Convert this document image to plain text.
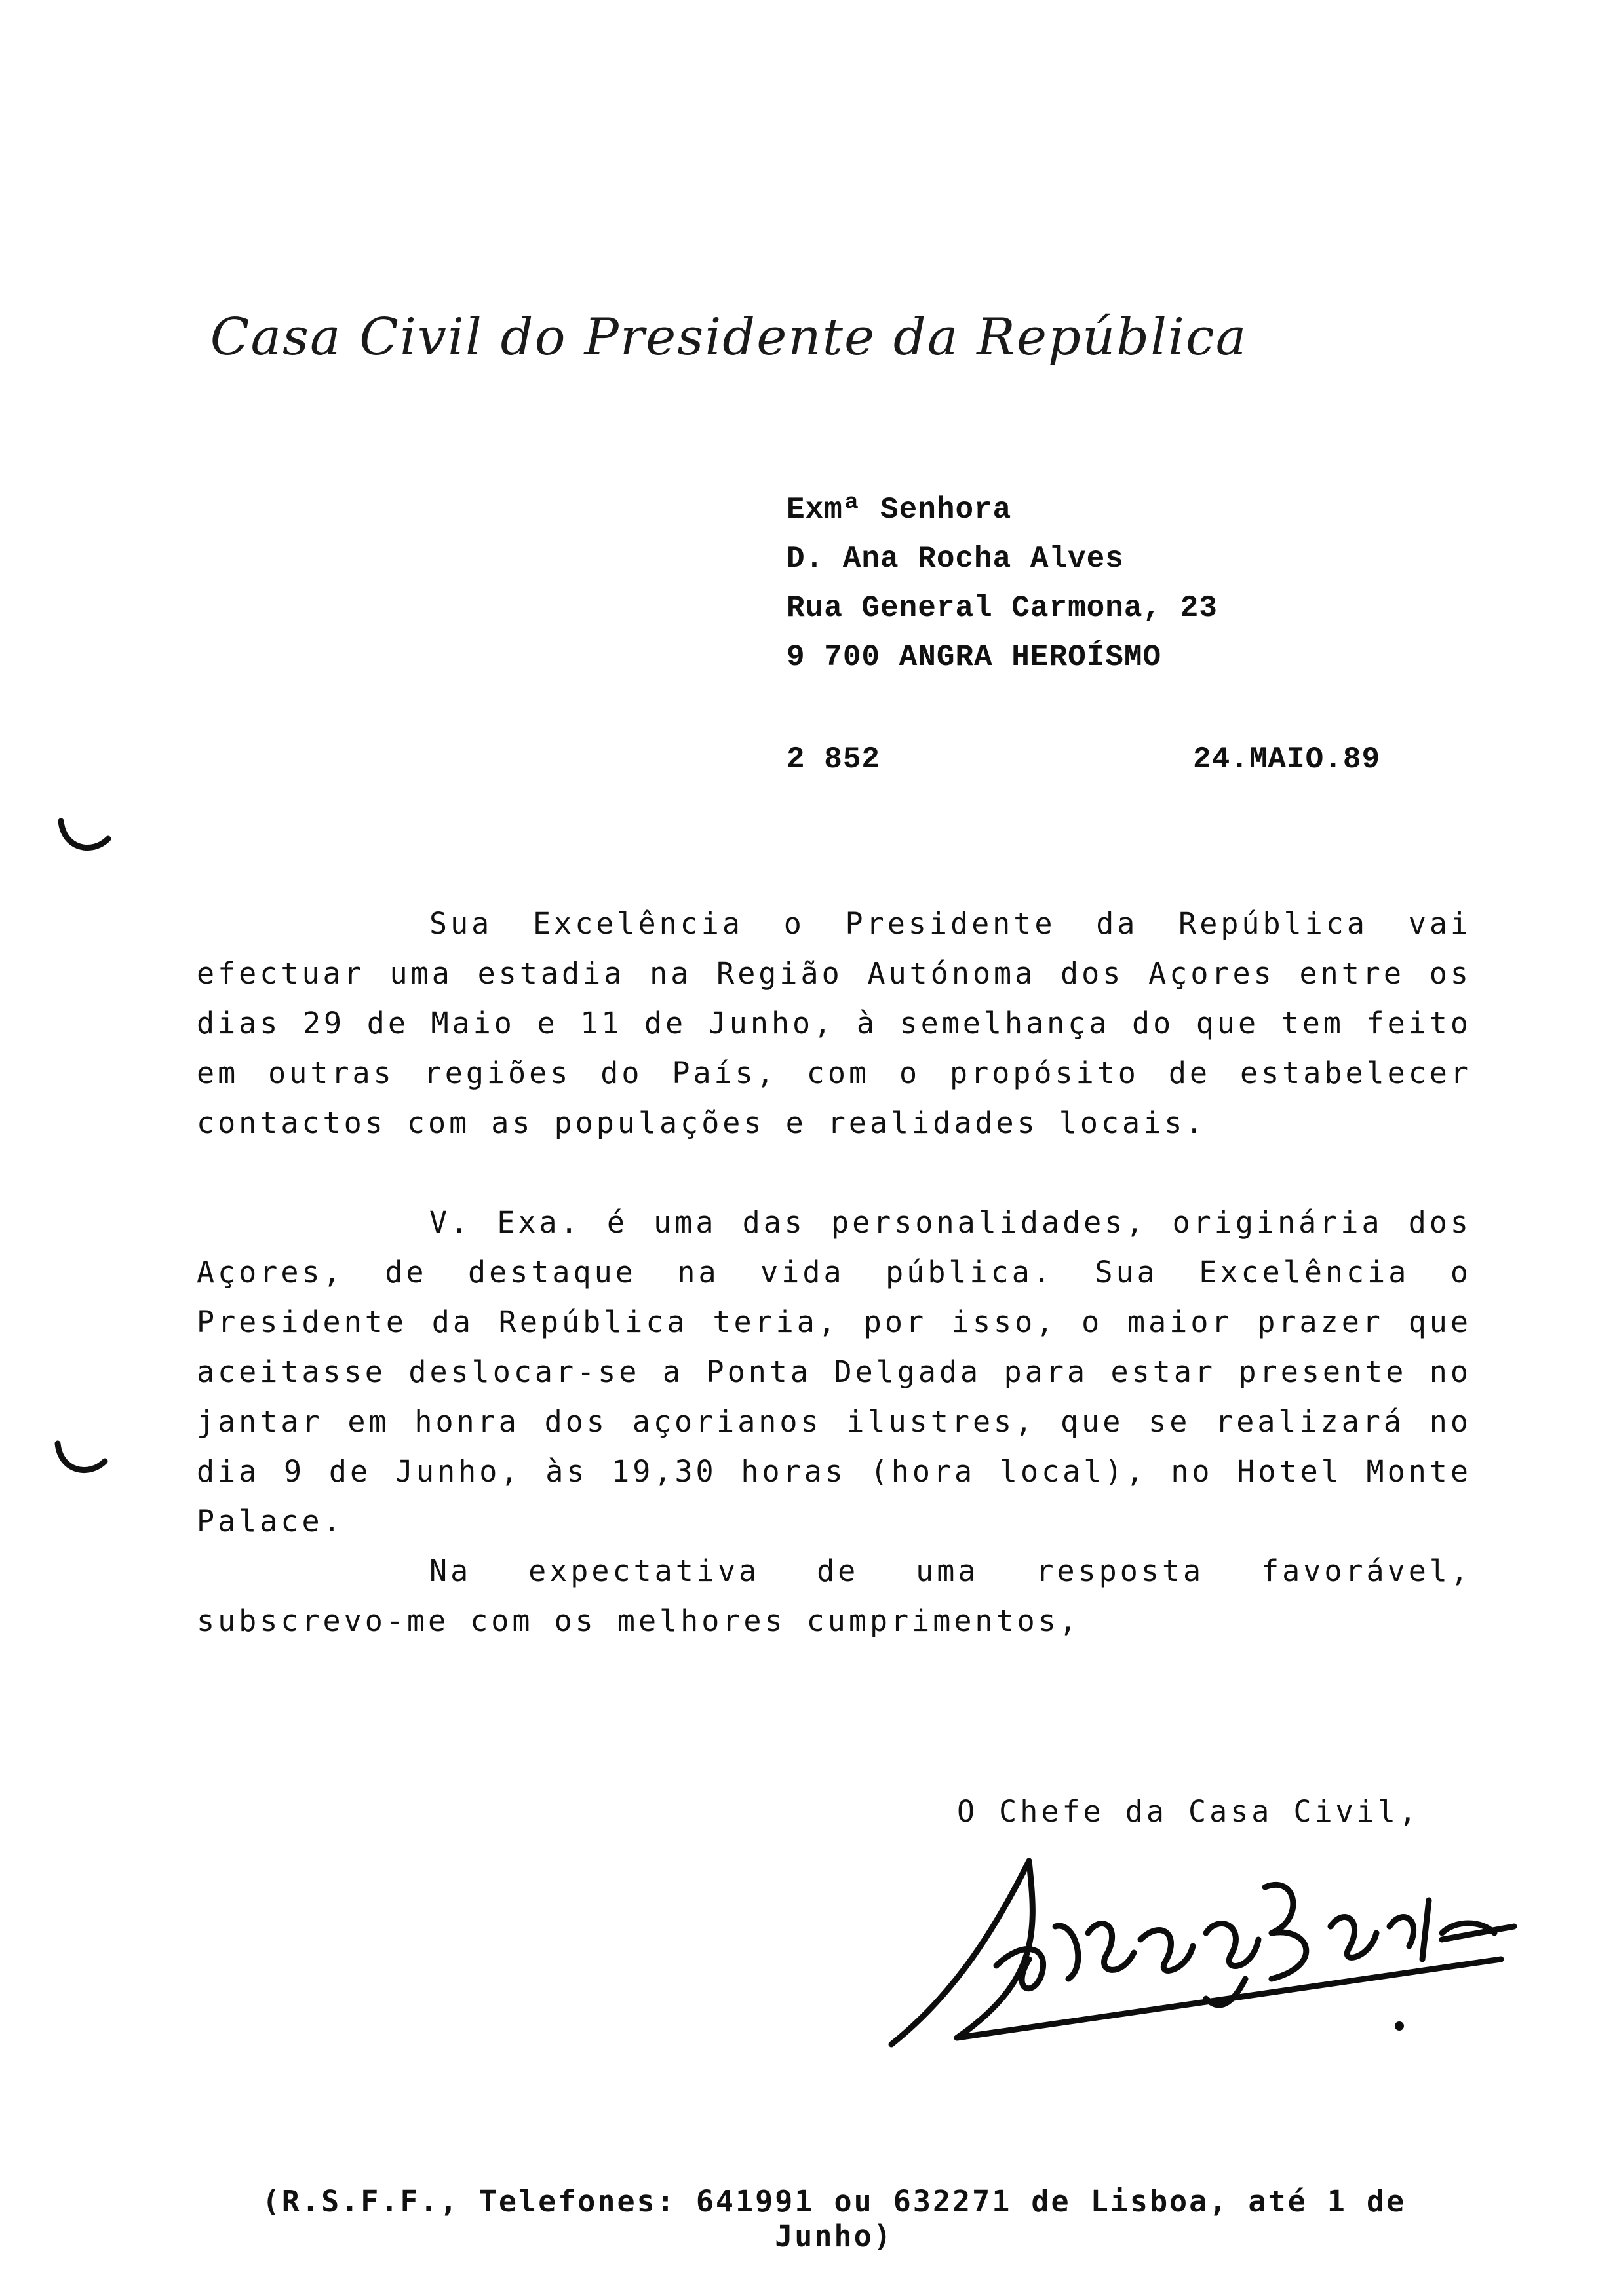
Casa Civil do Presidente da República
Exmª Senhora
D. Ana Rocha Alves
Rua General Carmona, 23
9 700 ANGRA HEROÍSMO
2 852	24.MAIO.89

Sua Excelência o Presidente da República vai efectuar uma estadia na Região Autónoma dos Açores entre os dias 29 de Maio e 11 de Junho, à semelhança do que tem feito em outras regiões do País, com o propósito de estabelecer contactos com as populações e realidades locais.

V. Exa. é uma das personalidades, originária dos Açores, de destaque na vida pública. Sua Excelência o Presidente da República teria, por isso, o maior prazer que aceitasse deslocar-se a Ponta Delgada para estar presente no jantar em honra dos açorianos ilustres, que se realizará no dia 9 de Junho, às 19,30 horas (hora local), no Hotel Monte Palace.

Na expectativa de uma resposta favorável, subscrevo-me com os melhores cumprimentos,

O Chefe da Casa Civil,
(R.S.F.F., Telefones: 641991 ou 632271 de Lisboa, até 1 de Junho)
